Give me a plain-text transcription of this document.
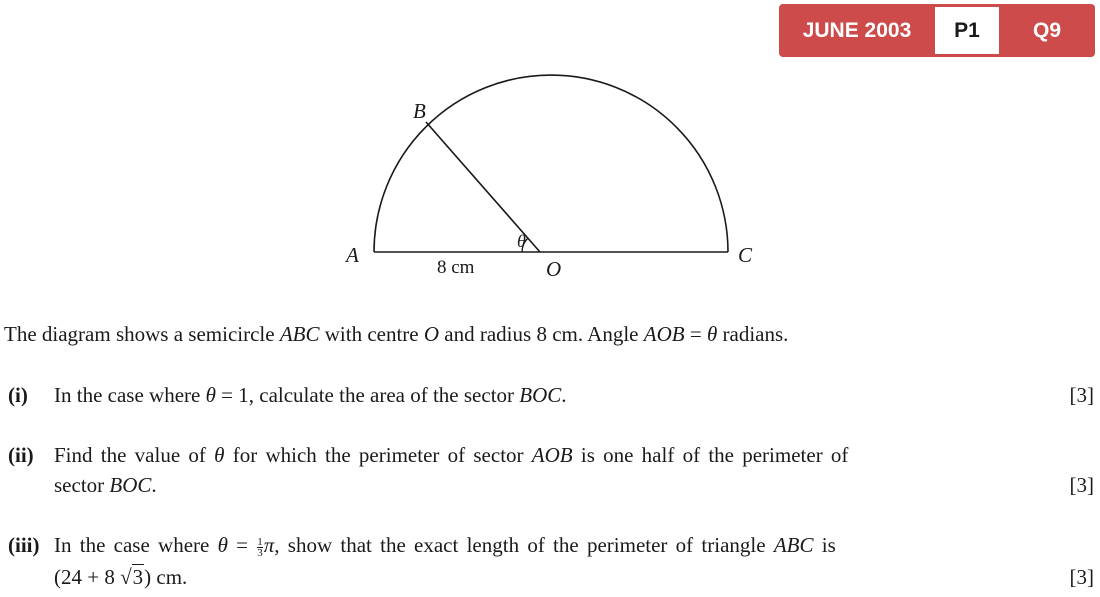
JUNE 2003	P1	Q9
A
B
C
O
θ
8 cm
The diagram shows a semicircle ABC with centre O and radius 8 cm. Angle AOB = θ radians.
(i) In the case where θ = 1, calculate the area of the sector BOC.	[3]
(ii) Find the value of θ for which the perimeter of sector AOB is one half of the perimeter of
sector BOC.	[3]
(iii) In the case where $\theta = \frac{1}{3} \pi$, show that the exact length of the perimeter of triangle ABC is
(24 + 8 √3) cm.	[3]
